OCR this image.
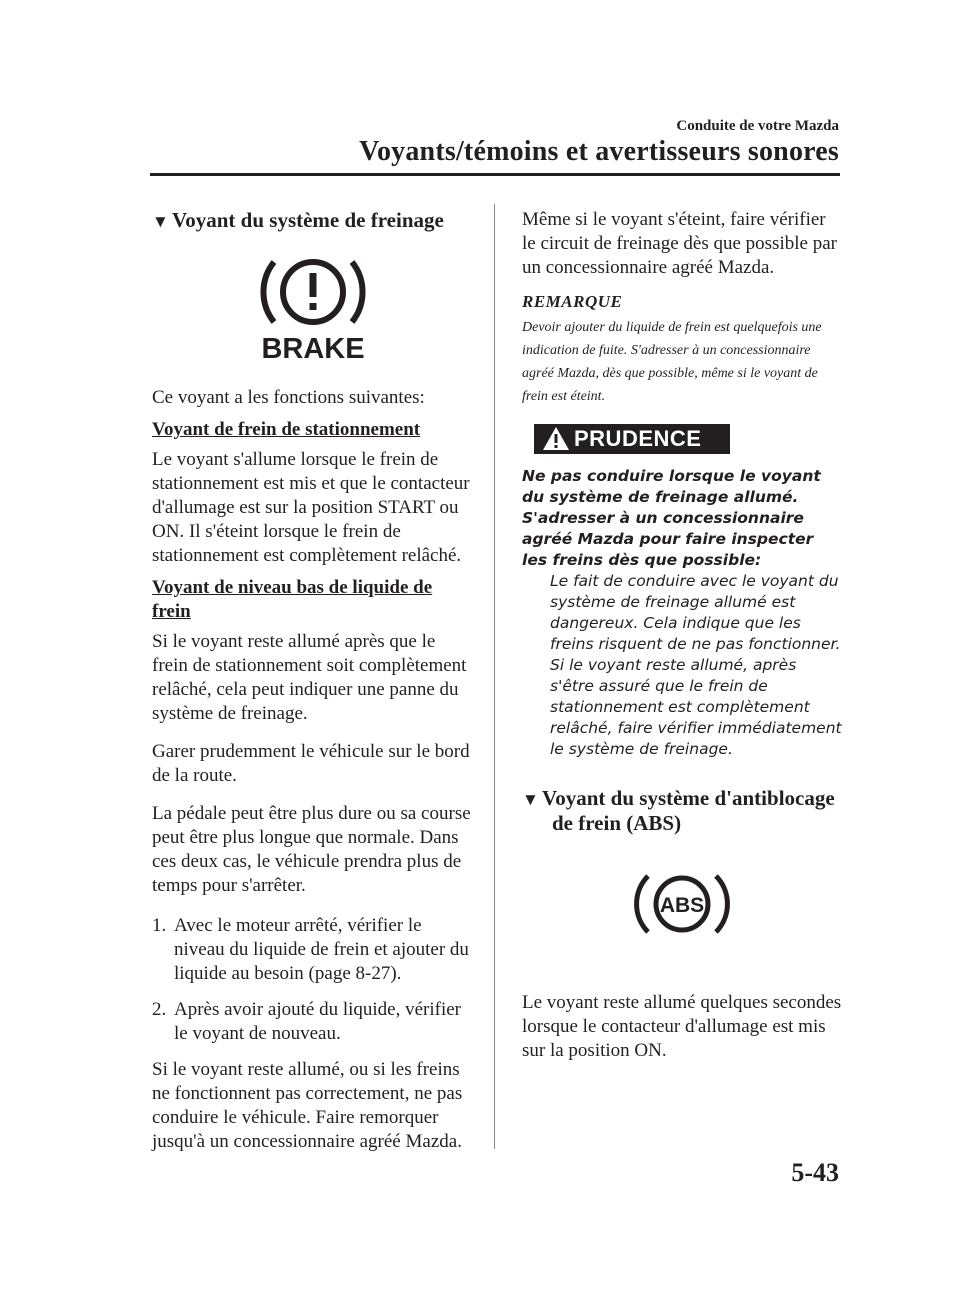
Conduite de votre Mazda
Voyants/témoins et avertisseurs sonores
▼ Voyant du système de freinage
BRAKE

Ce voyant a les fonctions suivantes:

Voyant de frein de stationnement

Le voyant s'allume lorsque le frein de stationnement est mis et que le contacteur d'allumage est sur la position START ou ON. Il s'éteint lorsque le frein de stationnement est complètement relâché.

Voyant de niveau bas de liquide de frein

Si le voyant reste allumé après que le frein de stationnement soit complètement relâché, cela peut indiquer une panne du système de freinage.

Garer prudemment le véhicule sur le bord de la route.

La pédale peut être plus dure ou sa course peut être plus longue que normale. Dans ces deux cas, le véhicule prendra plus de temps pour s'arrêter.

1. Avec le moteur arrêté, vérifier le niveau du liquide de frein et ajouter du liquide au besoin (page 8-27).
2. Après avoir ajouté du liquide, vérifier le voyant de nouveau.

Si le voyant reste allumé, ou si les freins ne fonctionnent pas correctement, ne pas conduire le véhicule. Faire remorquer jusqu'à un concessionnaire agréé Mazda.

Même si le voyant s'éteint, faire vérifier le circuit de freinage dès que possible par un concessionnaire agréé Mazda.

REMARQUE

Devoir ajouter du liquide de frein est quelquefois une indication de fuite. S'adresser à un concessionnaire agréé Mazda, dès que possible, même si le voyant de frein est éteint.

PRUDENCE

Ne pas conduire lorsque le voyant du système de freinage allumé. S'adresser à un concessionnaire agréé Mazda pour faire inspecter les freins dès que possible:

Le fait de conduire avec le voyant du système de freinage allumé est dangereux. Cela indique que les freins risquent de ne pas fonctionner. Si le voyant reste allumé, après s'être assuré que le frein de stationnement est complètement relâché, faire vérifier immédiatement le système de freinage.

▼ Voyant du système d'antiblocage
de frein (ABS)
ABS

Le voyant reste allumé quelques secondes lorsque le contacteur d'allumage est mis sur la position ON.

5-43
